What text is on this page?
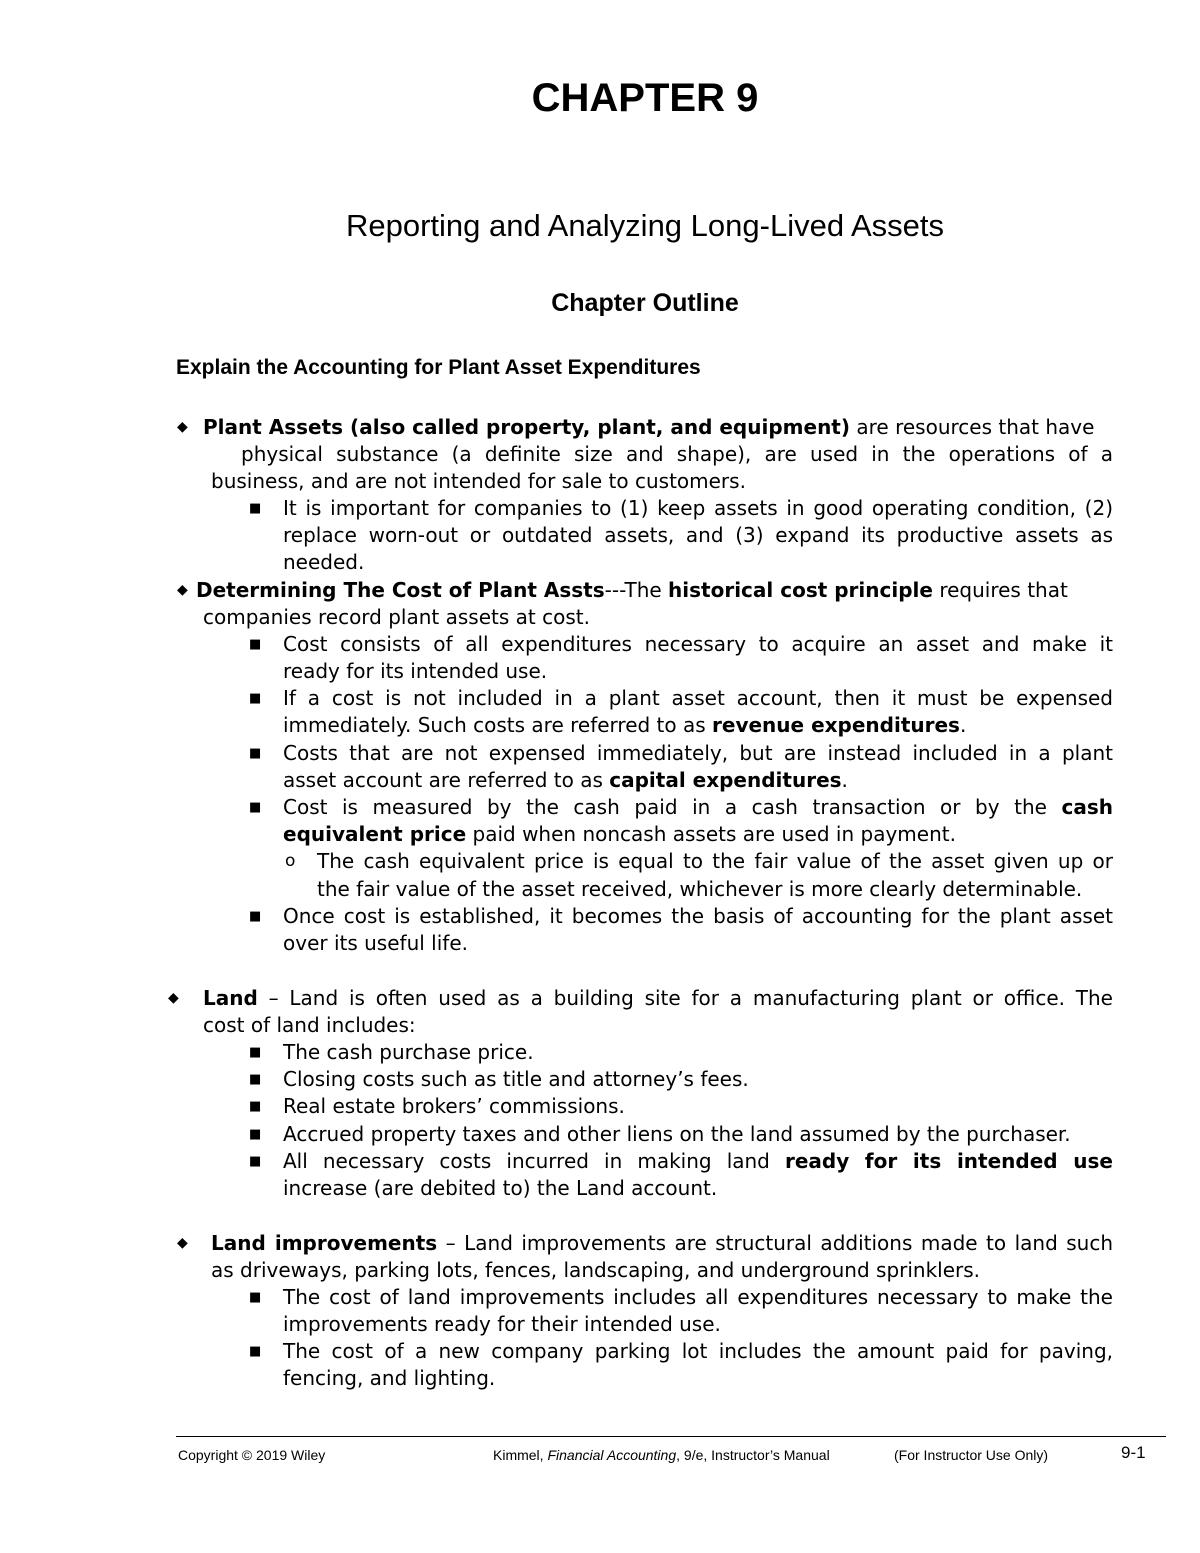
CHAPTER 9
Reporting and Analyzing Long-Lived Assets
Chapter Outline
Explain the Accounting for Plant Asset Expenditures
◆ Plant Assets (also called property, plant, and equipment) are resources that have
physical substance (a definite size and shape), are used in the operations of a
business, and are not intended for sale to customers.
■ It is important for companies to (1) keep assets in good operating condition, (2)
replace worn-out or outdated assets, and (3) expand its productive assets as
needed.
◆ Determining The Cost of Plant Assts---The historical cost principle requires that
companies record plant assets at cost.
■ Cost consists of all expenditures necessary to acquire an asset and make it
ready for its intended use.
■ If a cost is not included in a plant asset account, then it must be expensed
immediately. Such costs are referred to as revenue expenditures.
■ Costs that are not expensed immediately, but are instead included in a plant
asset account are referred to as capital expenditures.
■ Cost is measured by the cash paid in a cash transaction or by the cash
equivalent price paid when noncash assets are used in payment.
o The cash equivalent price is equal to the fair value of the asset given up or
the fair value of the asset received, whichever is more clearly determinable.
■ Once cost is established, it becomes the basis of accounting for the plant asset
over its useful life.
◆ Land – Land is often used as a building site for a manufacturing plant or office. The
cost of land includes:
■ The cash purchase price.
■ Closing costs such as title and attorney’s fees.
■ Real estate brokers’ commissions.
■ Accrued property taxes and other liens on the land assumed by the purchaser.
■ All necessary costs incurred in making land ready for its intended use
increase (are debited to) the Land account.
◆ Land improvements – Land improvements are structural additions made to land such
as driveways, parking lots, fences, landscaping, and underground sprinklers.
■ The cost of land improvements includes all expenditures necessary to make the
improvements ready for their intended use.
■ The cost of a new company parking lot includes the amount paid for paving,
fencing, and lighting.
Copyright © 2019 Wiley	Kimmel, Financial Accounting, 9/e, Instructor’s Manual	(For Instructor Use Only)	9-1
